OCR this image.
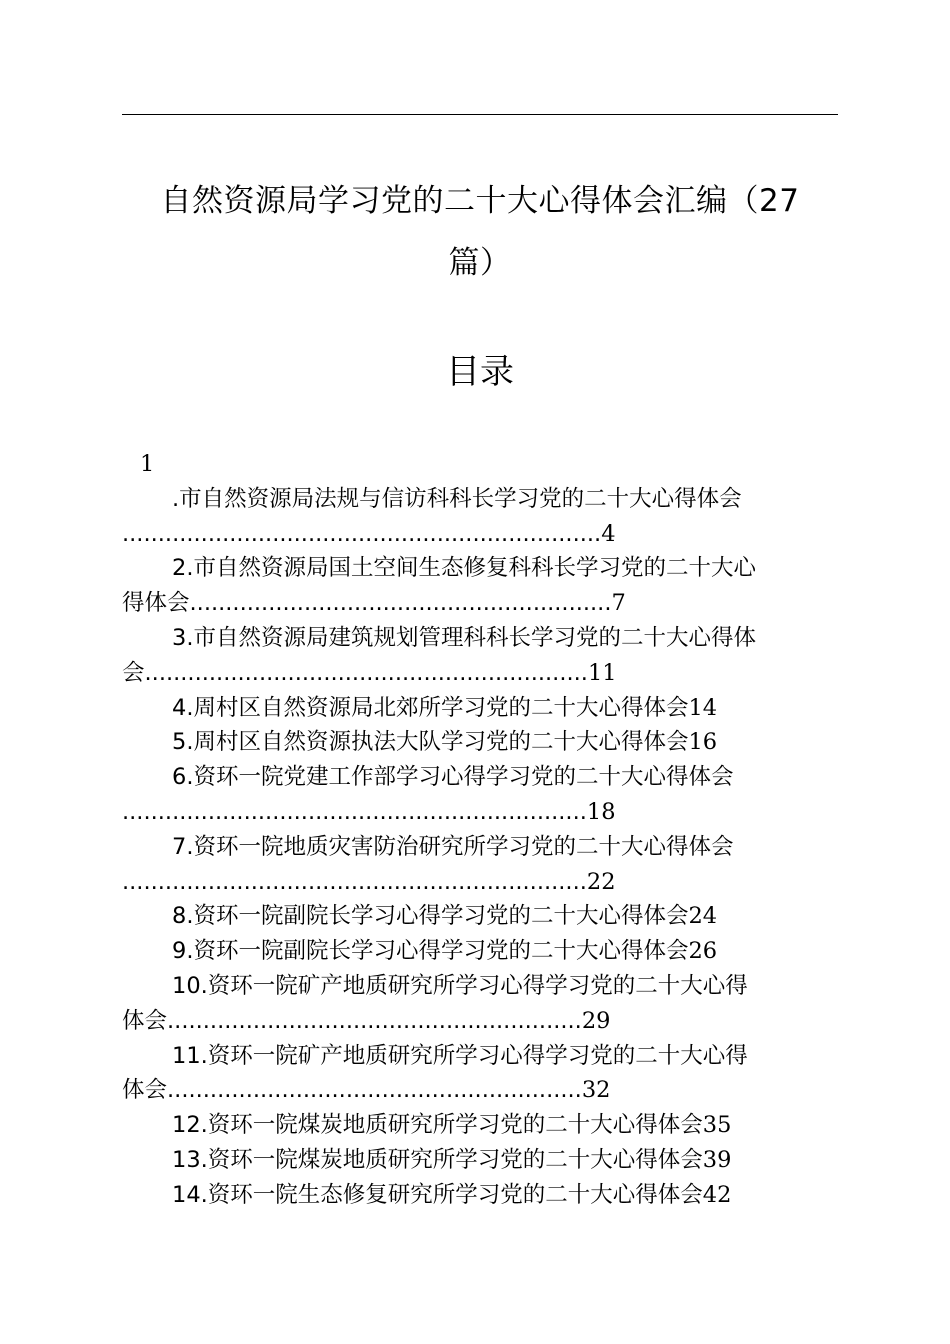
自然资源局学习党的二十大心得体会汇编（27
篇）
目录
1
.市自然资源局法规与信访科科长学习党的二十大心得体会
...................................................................4
2.市自然资源局国土空间生态修复科科长学习党的二十大心
得体会...........................................................7
3.市自然资源局建筑规划管理科科长学习党的二十大心得体
会..............................................................11
4.周村区自然资源局北郊所学习党的二十大心得体会14
5.周村区自然资源执法大队学习党的二十大心得体会16
6.资环一院党建工作部学习心得学习党的二十大心得体会
.................................................................18
7.资环一院地质灾害防治研究所学习党的二十大心得体会
.................................................................22
8.资环一院副院长学习心得学习党的二十大心得体会24
9.资环一院副院长学习心得学习党的二十大心得体会26
10.资环一院矿产地质研究所学习心得学习党的二十大心得
体会..........................................................29
11.资环一院矿产地质研究所学习心得学习党的二十大心得
体会..........................................................32
12.资环一院煤炭地质研究所学习党的二十大心得体会35
13.资环一院煤炭地质研究所学习党的二十大心得体会39
14.资环一院生态修复研究所学习党的二十大心得体会42
